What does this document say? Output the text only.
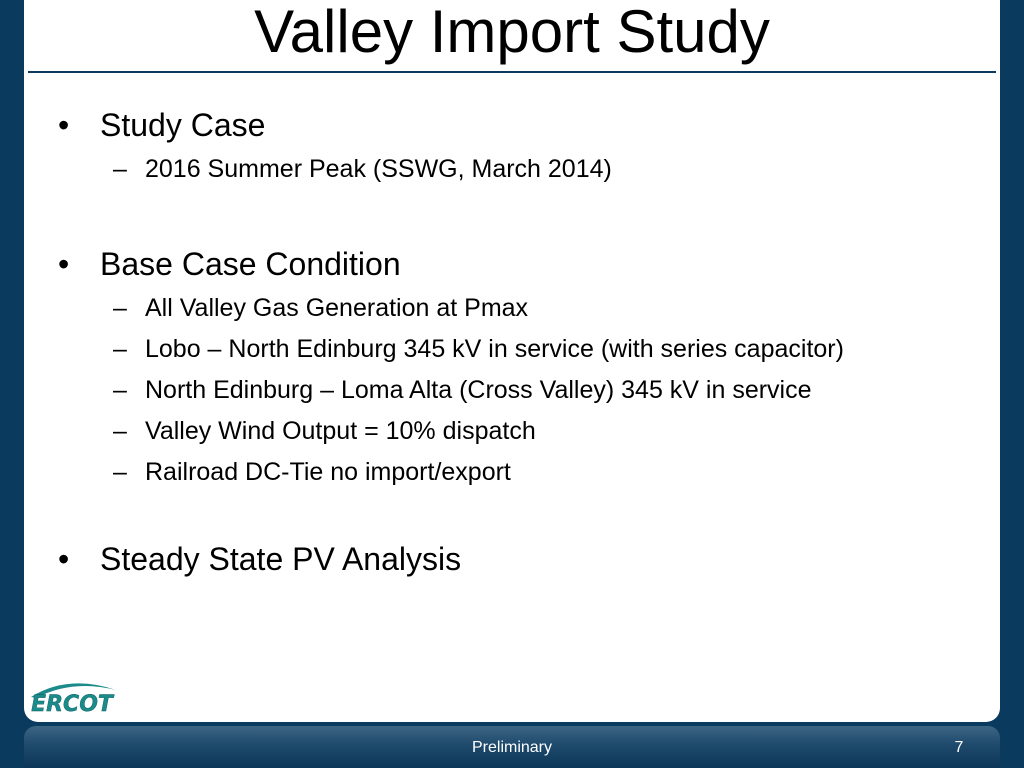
Valley Import Study
• Study Case
– 2016 Summer Peak (SSWG, March 2014)
• Base Case Condition
– All Valley Gas Generation at Pmax
– Lobo – North Edinburg 345 kV in service (with series capacitor)
– North Edinburg – Loma Alta (Cross Valley) 345 kV in service
– Valley Wind Output = 10% dispatch
– Railroad DC-Tie no import/export
• Steady State PV Analysis
ERCOT
Preliminary	7
